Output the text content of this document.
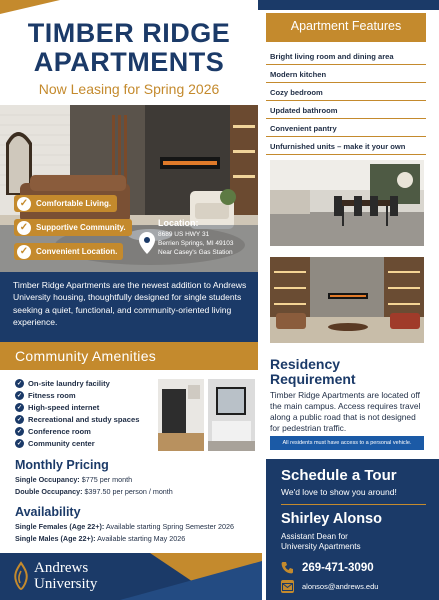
TIMBER RIDGE
APARTMENTS
Now Leasing for Spring 2026
✓ Comfortable Living.
✓ Supportive Community.
✓ Convenient Location.
Location:
8689 US HWY 31
Berrien Springs, MI 49103
Near Casey's Gas Station
Timber Ridge Apartments are the newest addition to Andrews University housing, thoughtfully designed for single students seeking a quiet, functional, and community-oriented living experience.
Community Amenities
✓ On-site laundry facility
✓ Fitness room
✓ High-speed internet
✓ Recreational and study spaces
✓ Conference room
✓ Community center
Monthly Pricing
Single Occupancy: $775 per month
Double Occupancy: $397.50 per person / month
Availability
Single Females (Age 22+): Available starting Spring Semester 2026
Single Males (Age 22+): Available starting May 2026
Andrews
University
Apartment Features
Bright living room and dining area
Modern kitchen
Cozy bedroom
Updated bathroom
Convenient pantry
Unfurnished units – make it your own
Residency
Requirement
Timber Ridge Apartments are located off the main campus. Access requires travel along a public road that is not designed for pedestrian traffic.
All residents must have access to a personal vehicle.
Schedule a Tour
We'd love to show you around!
Shirley Alonso
Assistant Dean for
University Apartments
269-471-3090
alonsos@andrews.edu
